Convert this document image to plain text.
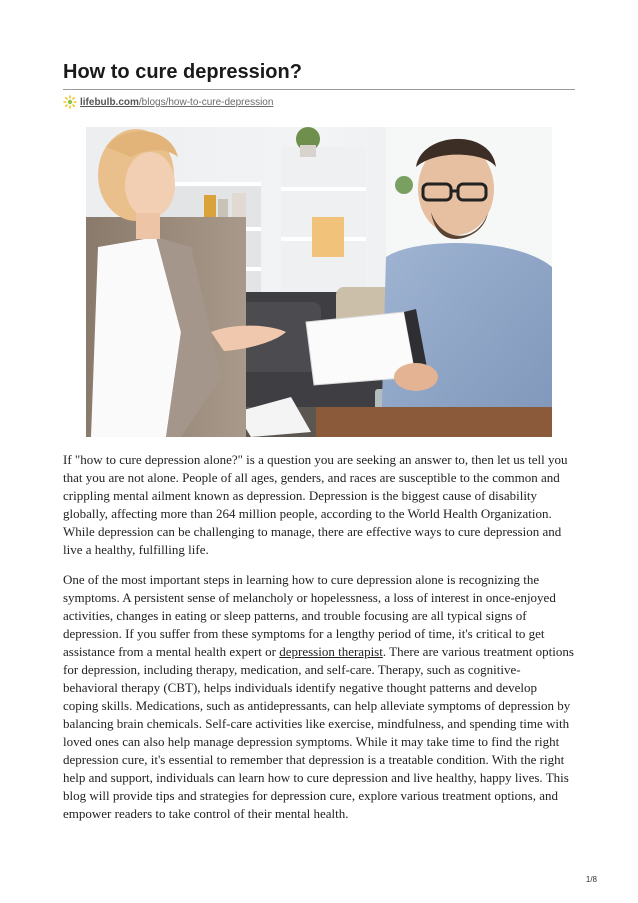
How to cure depression?
lifebulb.com /blogs/how-to-cure-depression

If "how to cure depression alone?" is a question you are seeking an answer to, then let us tell you that you are not alone. People of all ages, genders, and races are susceptible to the common and crippling mental ailment known as depression. Depression is the biggest cause of disability globally, affecting more than 264 million people, according to the World Health Organization. While depression can be challenging to manage, there are effective ways to cure depression and live a healthy, fulfilling life.

One of the most important steps in learning how to cure depression alone is recognizing the symptoms. A persistent sense of melancholy or hopelessness, a loss of interest in once-enjoyed activities, changes in eating or sleep patterns, and trouble focusing are all typical signs of depression. If you suffer from these symptoms for a lengthy period of time, it's critical to get assistance from a mental health expert or depression therapist. There are various treatment options for depression, including therapy, medication, and self-care. Therapy, such as cognitive-behavioral therapy (CBT), helps individuals identify negative thought patterns and develop coping skills. Medications, such as antidepressants, can help alleviate symptoms of depression by balancing brain chemicals. Self-care activities like exercise, mindfulness, and spending time with loved ones can also help manage depression symptoms. While it may take time to find the right depression cure, it's essential to remember that depression is a treatable condition. With the right help and support, individuals can learn how to cure depression and live healthy, happy lives. This blog will provide tips and strategies for depression cure, explore various treatment options, and empower readers to take control of their mental health.

1/8
